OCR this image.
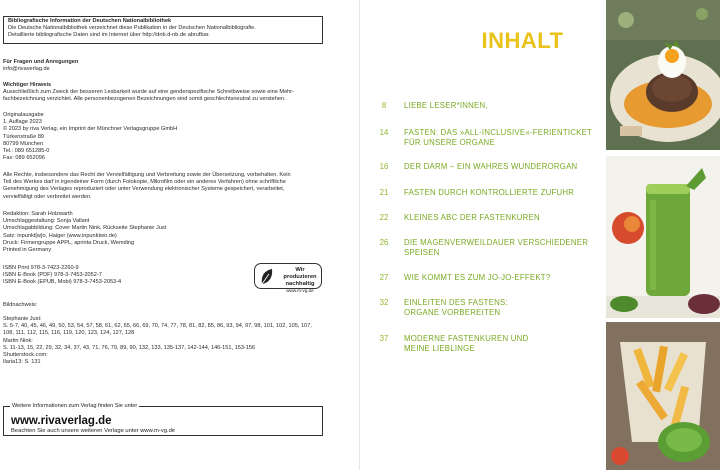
Bibliografische Information der Deutschen Nationalbibliothek
Die Deutsche Nationalbibliothek verzeichnet diese Publikation in der Deutschen Nationalbibliografie.
Detaillierte bibliografische Daten sind im Internet über http://dnb.d-nb.de abrufbar.
Für Fragen und Anregungen
info@rivaverlag.de
Wichtiger Hinweis
Ausschließlich zum Zweck der besseren Lesbarkeit wurde auf eine genderspezifische Schreibweise sowie eine Mehr-
fachbezeichnung verzichtet. Alle personenbezogenen Bezeichnungen sind somit geschlechtsneutral zu verstehen.
Originalausgabe
1. Auflage 2023
© 2023 by riva Verlag, ein Imprint der Münchner Verlagsgruppe GmbH
Türkenstraße 89
80799 München
Tel.: 089 651285-0
Fax: 089 652096
Alle Rechte, insbesondere das Recht der Vervielfältigung und Verbreitung sowie der Übersetzung, vorbehalten. Kein
Teil des Werkes darf in irgendeiner Form (durch Fotokopie, Mikrofilm oder ein anderes Verfahren) ohne schriftliche
Genehmigung des Verlages reproduziert oder unter Verwendung elektronischer Systeme gespeichert, verarbeitet,
vervielfältigt oder verbreitet werden.
Redaktion: Sarah Holzwarth
Umschlaggestaltung: Sonja Vallant
Umschlagabbildung: Cover Martin Nink, Rückseite Stephanie Just
Satz: inpunkt[w]o, Haiger (www.inpunktwo.de)
Druck: Firmengruppe APPL, aprinta Druck, Wemding
Printed in Germany
ISBN Print 978-3-7423-2260-9
ISBN E-Book (PDF) 978-3-7453-2052-7
ISBN E-Book (EPUB, Mobi) 978-3-7453-2053-4
Wir produzieren
nachhaltig
www.m-vg.de
Bildnachweis:
Stephanie Just:
S. 5-7, 40, 45, 46, 49, 50, 53, 54, 57, 58, 61, 62, 65, 66, 69, 70, 74, 77, 78, 81, 82, 85, 86, 93, 94, 97, 98, 101, 102, 105, 107,
108, 111, 112, 115, 116, 119, 120, 123, 124, 127, 128
Martin Nink:
S. 11-13, 15, 22, 29, 32, 34, 37, 43, 71, 76, 79, 89, 90, 132, 133, 135-137, 142-144, 146-151, 153-156
Shutterstock.com:
Ilaria13: S. 131
Weitere Informationen zum Verlag finden Sie unter
www.rivaverlag.de
Beachten Sie auch unsere weiteren Verlage unter www.m-vg.de
INHALT
8	LIEBE LESER*INNEN,
14	FASTEN: DAS »ALL-INCLUSIVE«-FERIENTICKET
FÜR UNSERE ORGANE
16	DER DARM – EIN WAHRES WUNDERORGAN
21	FASTEN DURCH KONTROLLIERTE ZUFUHR
22	KLEINES ABC DER FASTENKUREN
26	DIE MAGENVERWEILDAUER VERSCHIEDENER
SPEISEN
27	WIE KOMMT ES ZUM JO-JO-EFFEKT?
32	EINLEITEN DES FASTENS:
ORGANE VORBEREITEN
37	MODERNE FASTENKUREN UND
MEINE LIEBLINGE
